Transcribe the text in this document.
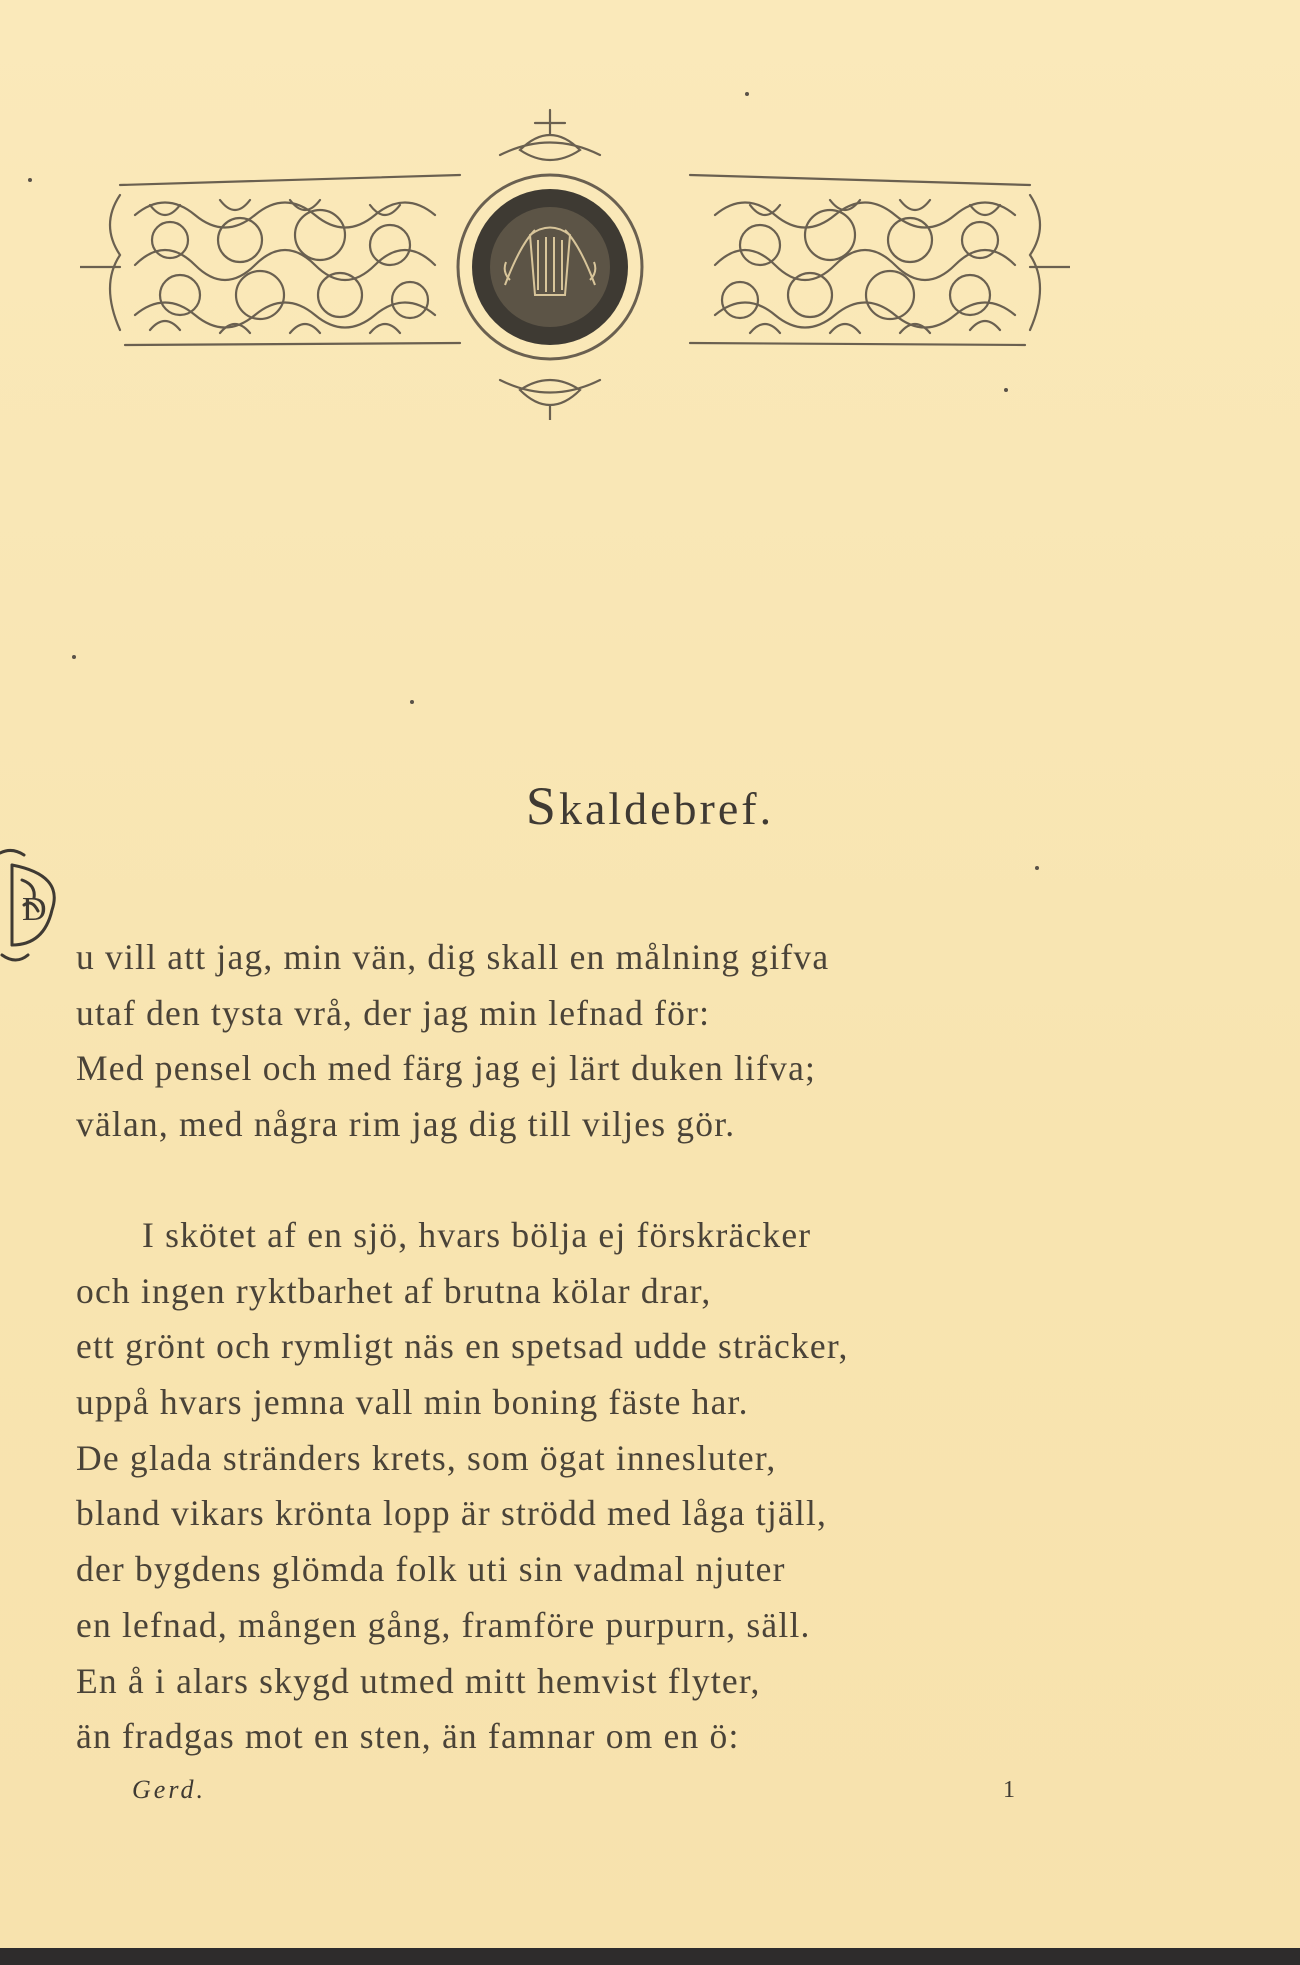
Skaldebref.
D
u vill att jag, min vän, dig skall en målning gifva
utaf den tysta vrå, der jag min lefnad för:
Med pensel och med färg jag ej lärt duken lifva;
välan, med några rim jag dig till viljes gör.
I skötet af en sjö, hvars bölja ej förskräcker
och ingen ryktbarhet af brutna kölar drar,
ett grönt och rymligt näs en spetsad udde sträcker,
uppå hvars jemna vall min boning fäste har.
De glada stränders krets, som ögat innesluter,
bland vikars krönta lopp är strödd med låga tjäll,
der bygdens glömda folk uti sin vadmal njuter
en lefnad, mången gång, framföre purpurn, säll.
En å i alars skygd utmed mitt hemvist flyter,
än fradgas mot en sten, än famnar om en ö:
Gerd.	1
